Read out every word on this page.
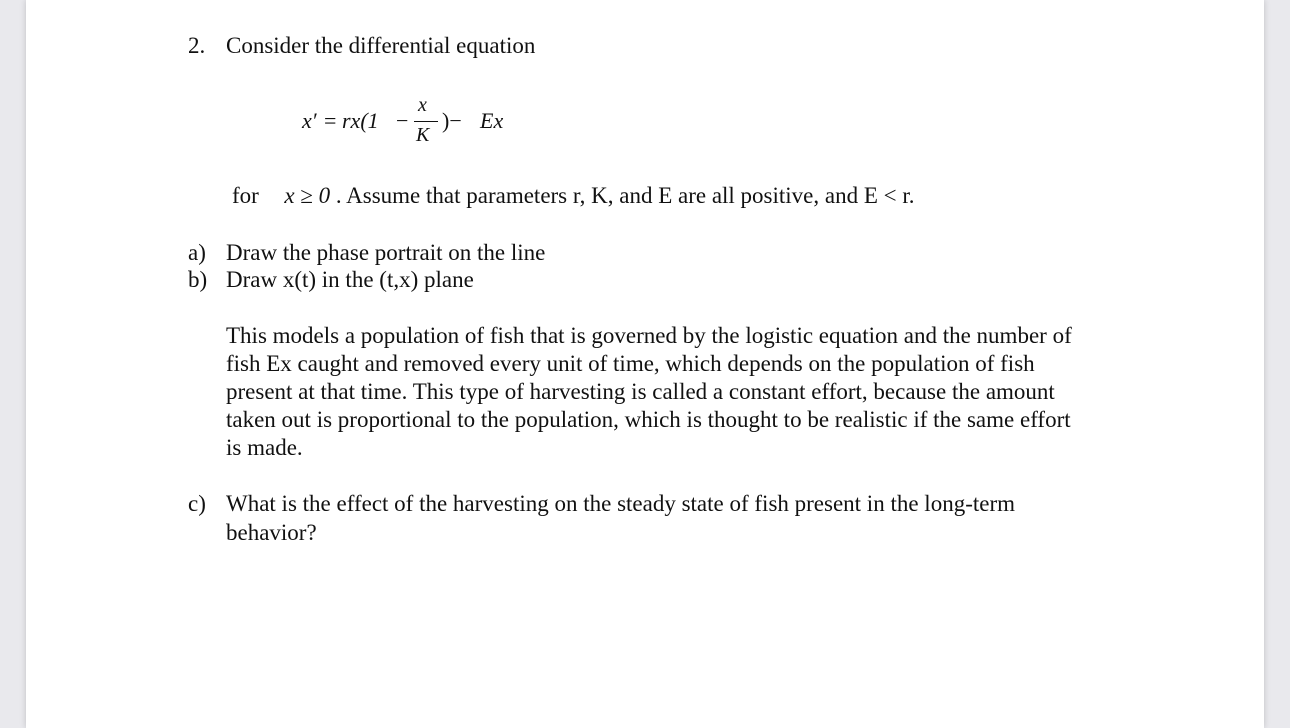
2. Consider the differential equation
x′ = rx(1 −
x
K
)− Ex
for x ≥ 0 . Assume that parameters r, K, and E are all positive, and E < r.
a) Draw the phase portrait on the line
b) Draw x(t) in the (t,x) plane
This models a population of fish that is governed by the logistic equation and the number of
fish Ex caught and removed every unit of time, which depends on the population of fish
present at that time. This type of harvesting is called a constant effort, because the amount
taken out is proportional to the population, which is thought to be realistic if the same effort
is made.
c) What is the effect of the harvesting on the steady state of fish present in the long-term
behavior?
